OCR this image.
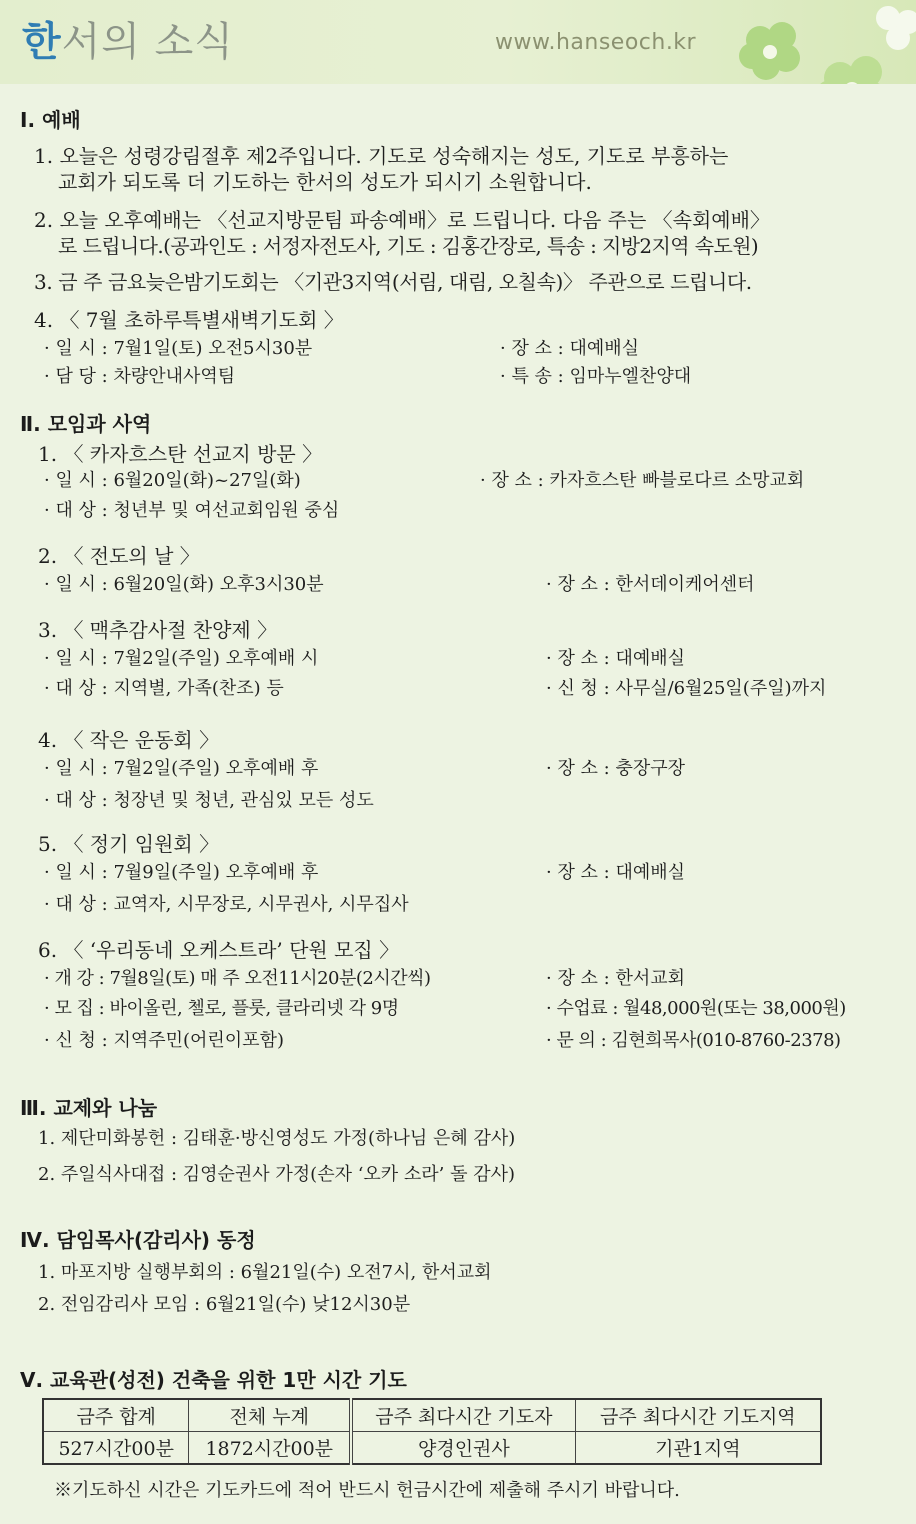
한서의 소식	www.hanseoch.kr
Ⅰ. 예배
1. 오늘은 성령강림절후 제2주입니다. 기도로 성숙해지는 성도, 기도로 부흥하는
교회가 되도록 더 기도하는 한서의 성도가 되시기 소원합니다.
2. 오늘 오후예배는 〈선교지방문팀 파송예배〉로 드립니다. 다음 주는 〈속회예배〉
로 드립니다.(공과인도 : 서정자전도사, 기도 : 김홍간장로, 특송 : 지방2지역 속도원)
3. 금 주 금요늦은밤기도회는 〈기관3지역(서림, 대림, 오칠속)〉 주관으로 드립니다.
4. 〈 7월 초하루특별새벽기도회 〉
· 일 시 : 7월1일(토) 오전5시30분	· 장 소 : 대예배실
· 담 당 : 차량안내사역팀	· 특 송 : 임마누엘찬양대
Ⅱ. 모임과 사역
1. 〈 카자흐스탄 선교지 방문 〉
· 일 시 : 6월20일(화)~27일(화)	· 장 소 : 카자흐스탄 빠블로다르 소망교회
· 대 상 : 청년부 및 여선교회임원 중심
2. 〈 전도의 날 〉
· 일 시 : 6월20일(화) 오후3시30분	· 장 소 : 한서데이케어센터
3. 〈 맥추감사절 찬양제 〉
· 일 시 : 7월2일(주일) 오후예배 시	· 장 소 : 대예배실
· 대 상 : 지역별, 가족(찬조) 등	· 신 청 : 사무실/6월25일(주일)까지
4. 〈 작은 운동회 〉
· 일 시 : 7월2일(주일) 오후예배 후	· 장 소 : 충장구장
· 대 상 : 청장년 및 청년, 관심있 모든 성도
5. 〈 정기 임원회 〉
· 일 시 : 7월9일(주일) 오후예배 후	· 장 소 : 대예배실
· 대 상 : 교역자, 시무장로, 시무권사, 시무집사
6. 〈 ‘우리동네 오케스트라’ 단원 모집 〉
· 개 강 : 7월8일(토) 매 주 오전11시20분(2시간씩)	· 장 소 : 한서교회
· 모 집 : 바이올린, 첼로, 플룻, 클라리넷 각 9명	· 수업료 : 월48,000원(또는 38,000원)
· 신 청 : 지역주민(어린이포함)	· 문 의 : 김현희목사(010-8760-2378)
Ⅲ. 교제와 나눔
1. 제단미화봉헌 : 김태훈·방신영성도 가정(하나님 은혜 감사)
2. 주일식사대접 : 김영순권사 가정(손자 ‘오카 소라’ 돌 감사)
Ⅳ. 담임목사(감리사) 동정
1. 마포지방 실행부회의 : 6월21일(수) 오전7시, 한서교회
2. 전임감리사 모임 : 6월21일(수) 낮12시30분
Ⅴ. 교육관(성전) 건축을 위한 1만 시간 기도
금주 합계	전체 누계	금주 최다시간 기도자	금주 최다시간 기도지역
527시간00분	1872시간00분	양경인권사	기관1지역
※기도하신 시간은 기도카드에 적어 반드시 헌금시간에 제출해 주시기 바랍니다.
